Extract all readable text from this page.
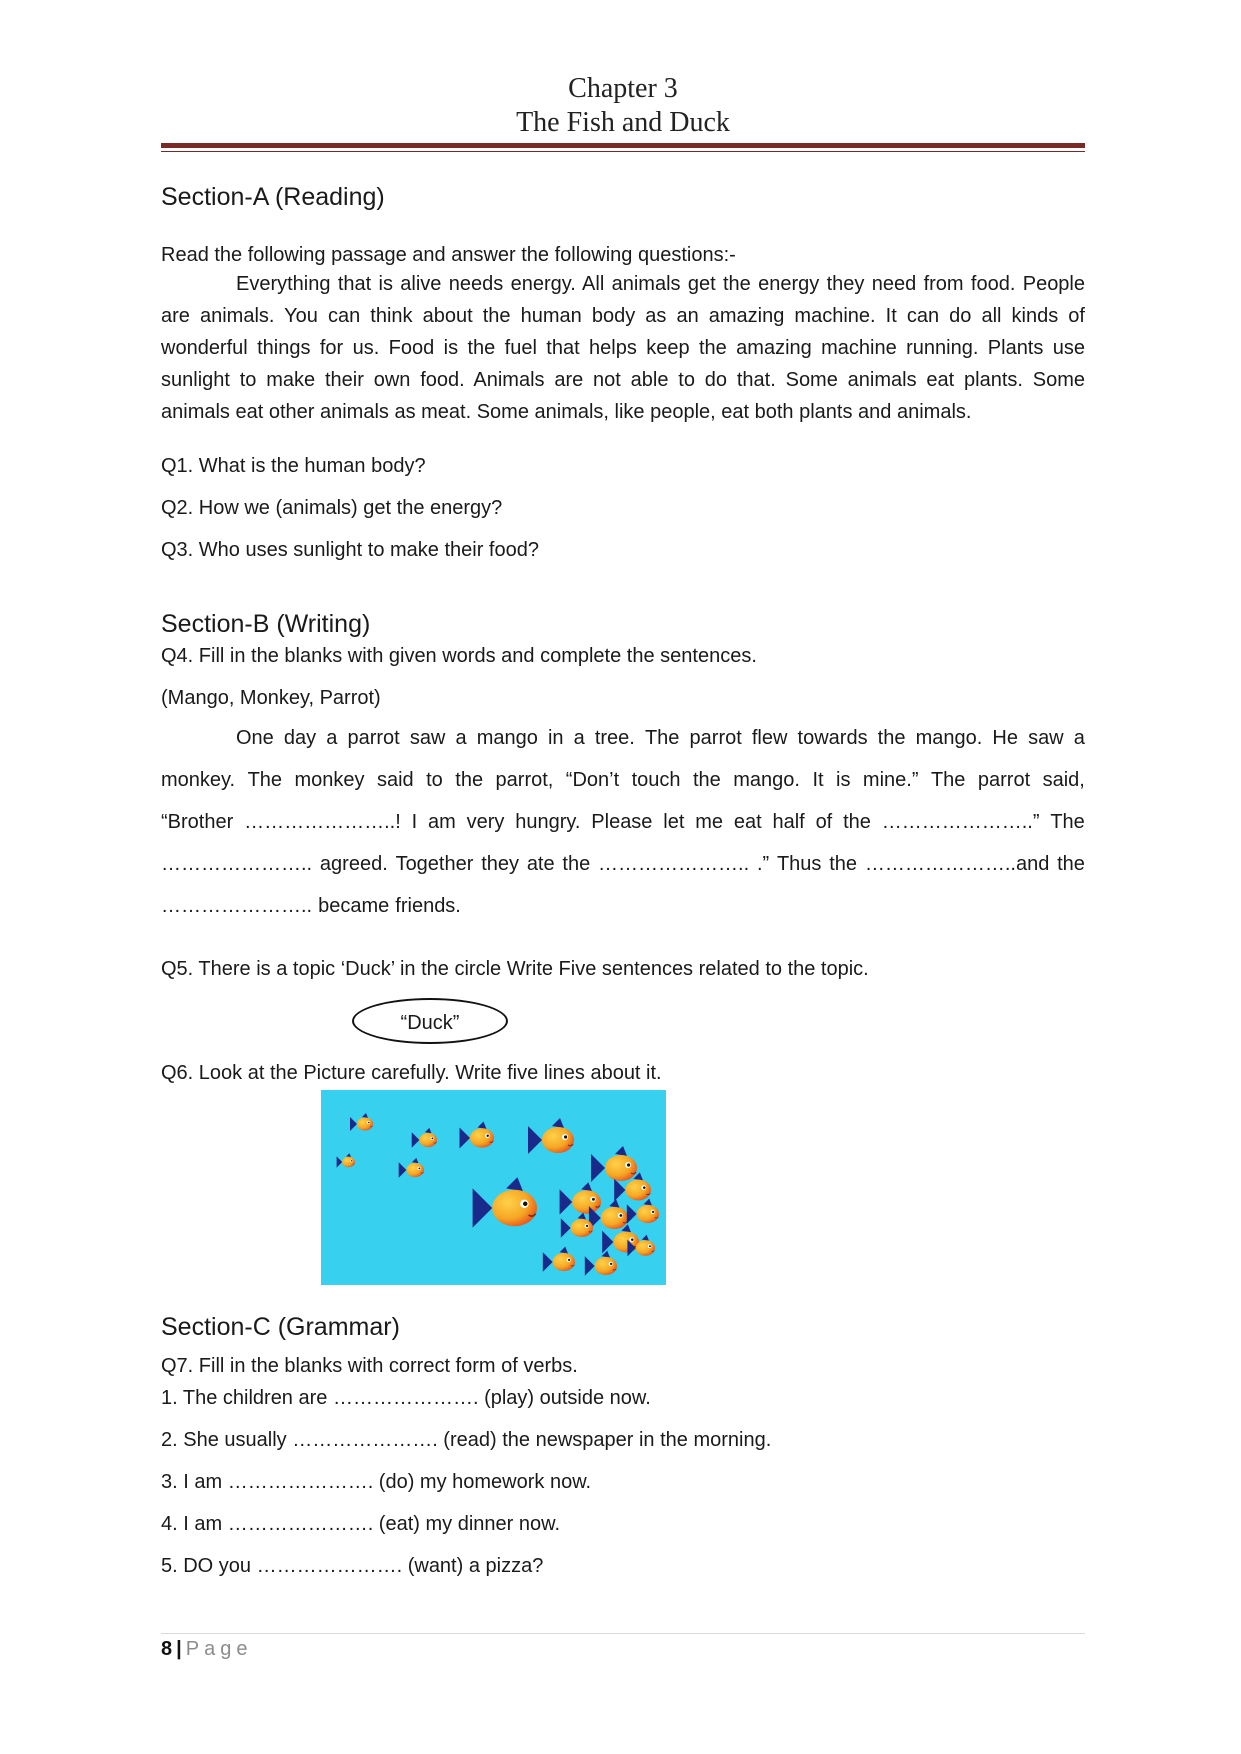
Chapter 3
The Fish and Duck
Section-A (Reading)
Read the following passage and answer the following questions:-
Everything that is alive needs energy. All animals get the energy they need from food. People are animals. You can think about the human body as an amazing machine. It can do all kinds of wonderful things for us. Food is the fuel that helps keep the amazing machine running. Plants use sunlight to make their own food. Animals are not able to do that. Some animals eat plants. Some animals eat other animals as meat. Some animals, like people, eat both plants and animals.
Q1. What is the human body?
Q2. How we (animals) get the energy?
Q3. Who uses sunlight to make their food?
Section-B (Writing)
Q4. Fill in the blanks with given words and complete the sentences.
(Mango, Monkey, Parrot)
One day a parrot saw a mango in a tree. The parrot flew towards the mango. He saw a
monkey. The monkey said to the parrot, “Don’t touch the mango. It is mine.” The parrot said,
“Brother …………………..! I am very hungry. Please let me eat half of the …………………..” The
………………….. agreed. Together they ate the ………………….. .” Thus the …………………..and the
………………….. became friends.
Q5. There is a topic ‘Duck’ in the circle Write Five sentences related to the topic.
“Duck”
Q6. Look at the Picture carefully. Write five lines about it.
Section-C (Grammar)
Q7. Fill in the blanks with correct form of verbs.
1. The children are …………………. (play) outside now.
2. She usually …………………. (read) the newspaper in the morning.
3. I am …………………. (do) my homework now.
4. I am …………………. (eat) my dinner now.
5. DO you …………………. (want) a pizza?
8 | Page
